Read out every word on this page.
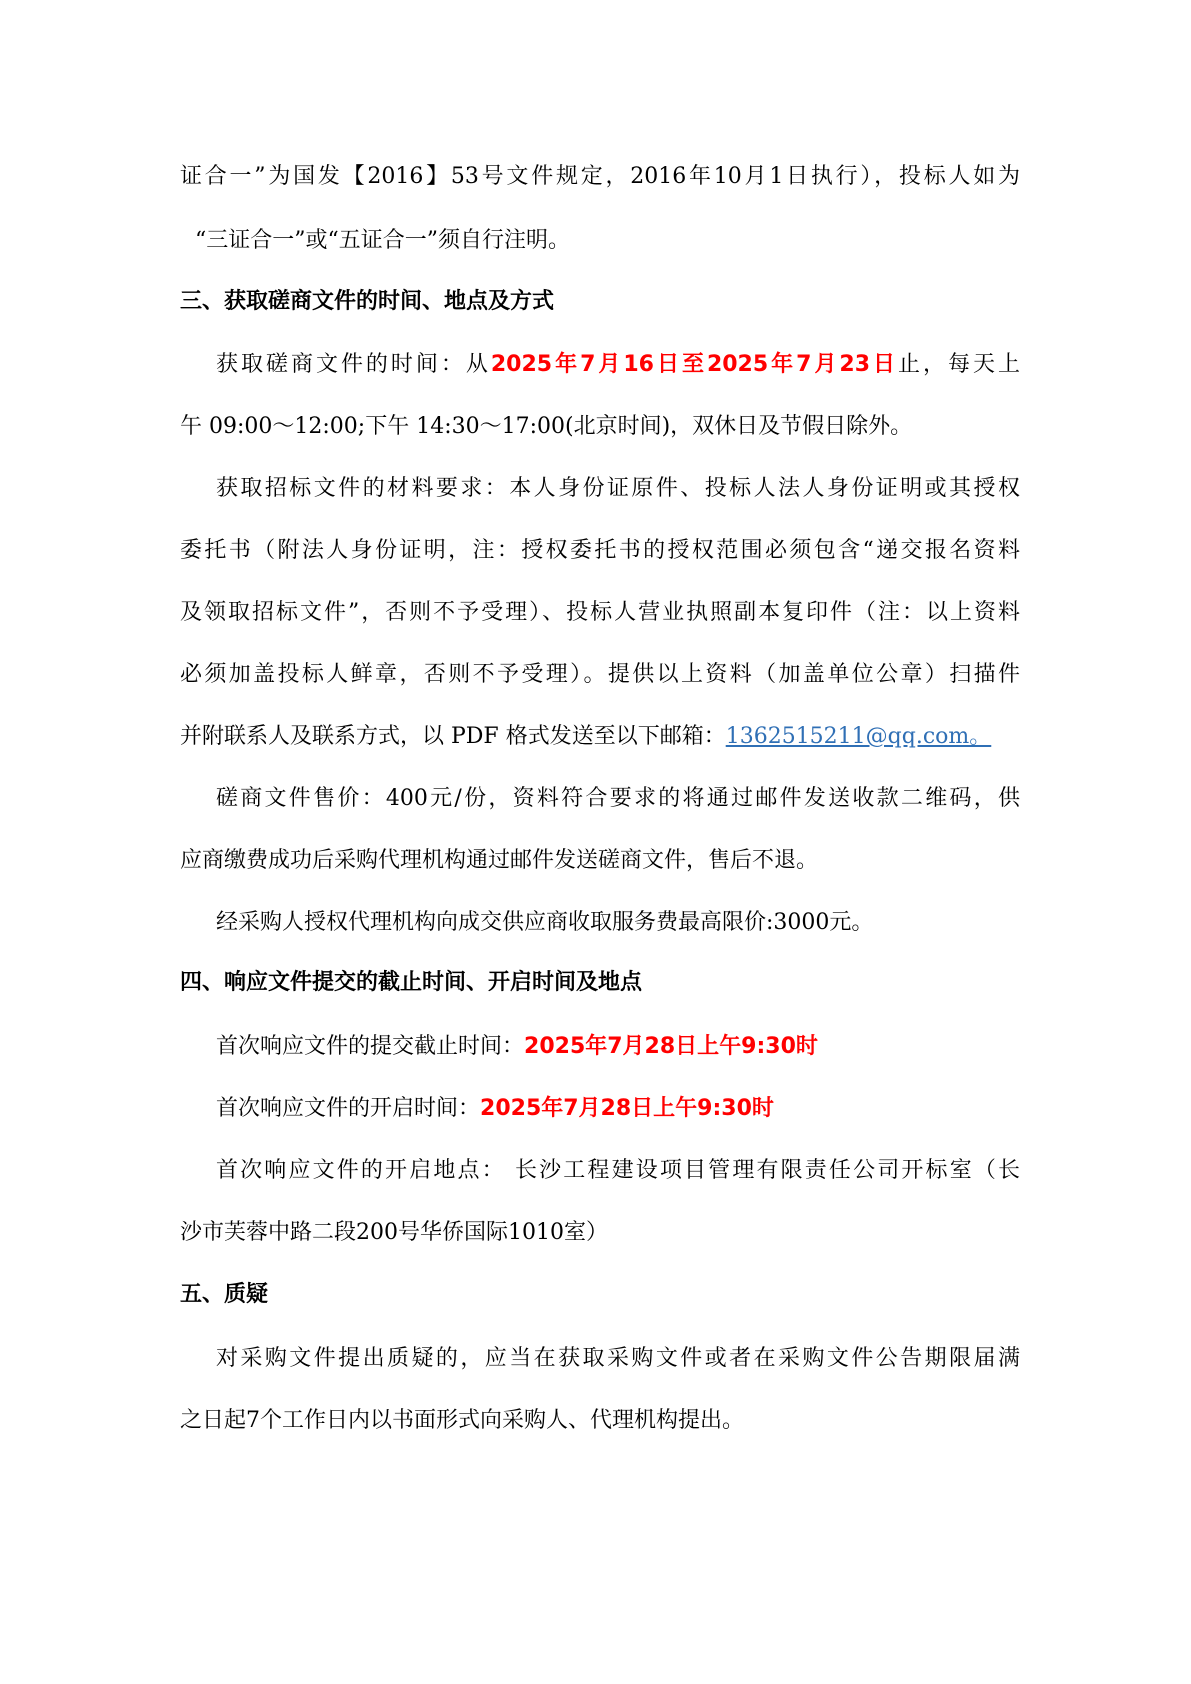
证合一”为国发【2016】53号文件规定，2016年10月1日执行），投标人如为
“三证合一”或“五证合一”须自行注明。
三、获取磋商文件的时间、地点及方式
获取磋商文件的时间：从2025年7月16日至2025年7月23日止，每天上
午 09:00～12:00;下午 14:30～17:00(北京时间)，双休日及节假日除外。
获取招标文件的材料要求：本人身份证原件、投标人法人身份证明或其授权
委托书（附法人身份证明，注：授权委托书的授权范围必须包含“递交报名资料
及领取招标文件”，否则不予受理）、投标人营业执照副本复印件（注：以上资料
必须加盖投标人鲜章，否则不予受理）。提供以上资料（加盖单位公章）扫描件
并附联系人及联系方式，以 PDF 格式发送至以下邮箱：1362515211@qq.com。
磋商文件售价：400元/份，资料符合要求的将通过邮件发送收款二维码，供
应商缴费成功后采购代理机构通过邮件发送磋商文件，售后不退。
经采购人授权代理机构向成交供应商收取服务费最高限价:3000元。
四、响应文件提交的截止时间、开启时间及地点
首次响应文件的提交截止时间：2025年7月28日上午9:30时
首次响应文件的开启时间：2025年7月28日上午9:30时
首次响应文件的开启地点： 长沙工程建设项目管理有限责任公司开标室（长
沙市芙蓉中路二段200号华侨国际1010室）
五、质疑
对采购文件提出质疑的，应当在获取采购文件或者在采购文件公告期限届满
之日起7个工作日内以书面形式向采购人、代理机构提出。
